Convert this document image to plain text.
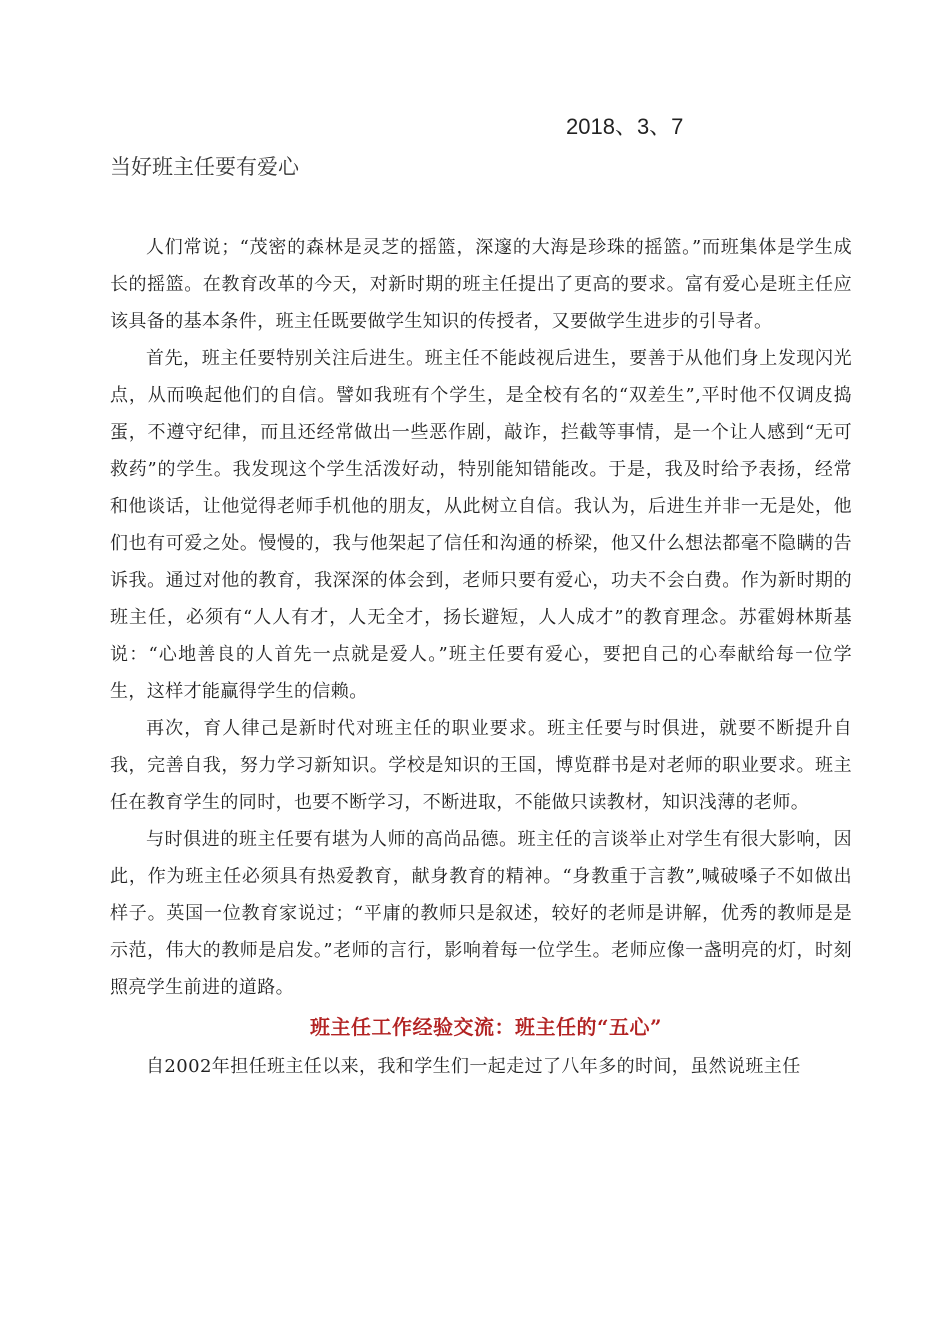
2018、3、7
当好班主任要有爱心

人们常说；“茂密的森林是灵芝的摇篮，深邃的大海是珍珠的摇篮。”而班集体是学生成长的摇篮。在教育改革的今天，对新时期的班主任提出了更高的要求。富有爱心是班主任应该具备的基本条件，班主任既要做学生知识的传授者，又要做学生进步的引导者。

首先，班主任要特别关注后进生。班主任不能歧视后进生，要善于从他们身上发现闪光点，从而唤起他们的自信。譬如我班有个学生，是全校有名的“双差生”,平时他不仅调皮捣蛋，不遵守纪律，而且还经常做出一些恶作剧，敲诈，拦截等事情，是一个让人感到“无可救药”的学生。我发现这个学生活泼好动，特别能知错能改。于是，我及时给予表扬，经常和他谈话，让他觉得老师手机他的朋友，从此树立自信。我认为，后进生并非一无是处，他们也有可爱之处。慢慢的，我与他架起了信任和沟通的桥梁，他又什么想法都毫不隐瞒的告诉我。通过对他的教育，我深深的体会到，老师只要有爱心，功夫不会白费。作为新时期的班主任，必须有“人人有才，人无全才，扬长避短，人人成才”的教育理念。苏霍姆林斯基说：“心地善良的人首先一点就是爱人。”班主任要有爱心，要把自己的心奉献给每一位学生，这样才能赢得学生的信赖。

再次，育人律己是新时代对班主任的职业要求。班主任要与时俱进，就要不断提升自我，完善自我，努力学习新知识。学校是知识的王国，博览群书是对老师的职业要求。班主任在教育学生的同时，也要不断学习，不断进取，不能做只读教材，知识浅薄的老师。

与时俱进的班主任要有堪为人师的高尚品德。班主任的言谈举止对学生有很大影响，因此，作为班主任必须具有热爱教育，献身教育的精神。“身教重于言教”,喊破嗓子不如做出样子。英国一位教育家说过；“平庸的教师只是叙述，较好的老师是讲解，优秀的教师是是示范，伟大的教师是启发。”老师的言行，影响着每一位学生。老师应像一盏明亮的灯，时刻照亮学生前进的道路。

班主任工作经验交流：班主任的“五心”

自2002年担任班主任以来，我和学生们一起走过了八年多的时间，虽然说班主任
